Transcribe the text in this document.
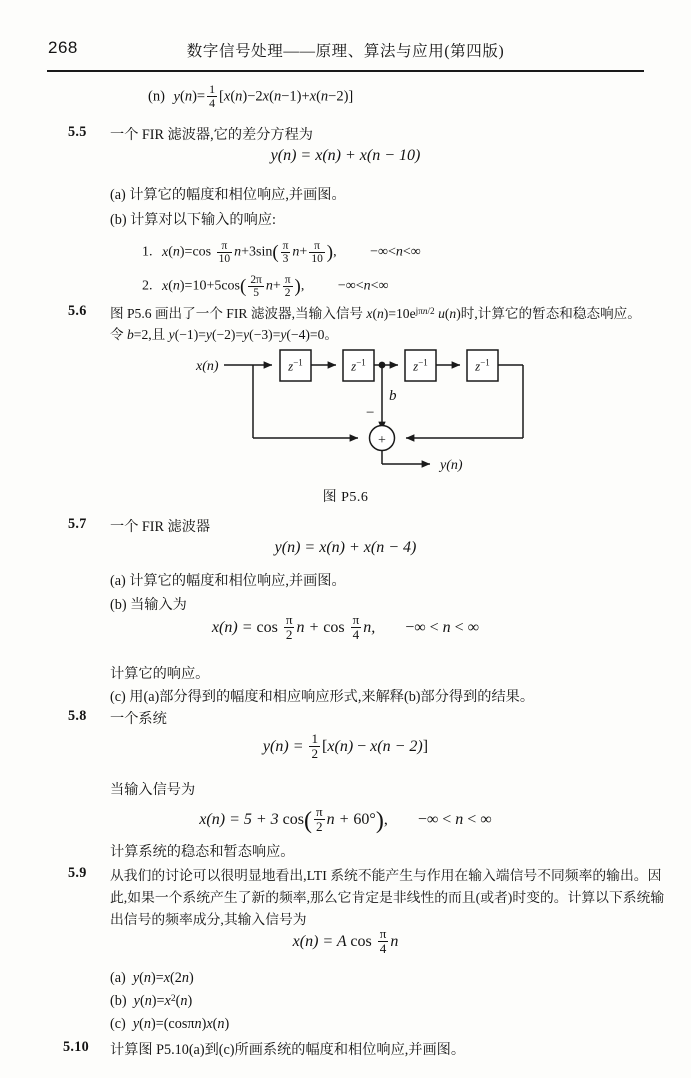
268	数字信号处理——原理、算法与应用(第四版)
(n) $y(n)= \frac{1}{4} [x(n)-2x(n-1)+x(n-2)]$
5.5 一个 FIR 滤波器,它的差分方程为
y(n) = x(n) + x(n − 10)
(a) 计算它的幅度和相位响应,并画图。
(b) 计算对以下输入的响应:
1. $x(n)=\cos \frac{\pi}{10} n+3\sin( \frac{\pi}{3} n+ \frac{\pi}{10}$ ), −∞<n<∞
2. $x(n)=10+5\cos( \frac{2\pi}{5} n+ \frac{\pi}{2}$ ), −∞<n<∞
5.6 图 P5.6 画出了一个 FIR 滤波器,当输入信号 $x(n)=10e^{j\pi n/2}$ u(n)时,计算它的暂态和稳态响应。
令 b=2,且 y(−1)=y(−2)=y(−3)=y(−4)=0。
x(n)
y(n)
b
−
+
$z^{-1}$	$z^{-1}$	$z^{-1}$	$z^{-1}$
图 P5.6
5.7 一个 FIR 滤波器
y(n) = x(n) + x(n − 4)
(a) 计算它的幅度和相位响应,并画图。
(b) 当输入为
$x(n) = \cos \frac{\pi}{2}$ $n + \cos \frac{\pi}{4} n$, −∞ < n < ∞
计算它的响应。
(c) 用(a)部分得到的幅度和相应响应形式,来解释(b)部分得到的结果。
5.8 一个系统
$y(n) = \frac{1}{2} [x(n) - x(n - 2)]$
当输入信号为
x(n) = 5 + 3 $\cos( \frac{\pi}{2}$ n + 60°), −∞ < n < ∞
计算系统的稳态和暂态响应。
5.9 从我们的讨论可以很明显地看出,LTI 系统不能产生与作用在输入端信号不同频率的输出。因
此,如果一个系统产生了新的频率,那么它肯定是非线性的而且(或者)时变的。计算以下系统输
出信号的频率成分,其输入信号为
x(n) = A $\cos \frac{\pi}{4}$ n
(a) y(n)=x(2n)
(b) $y(n)=x^2(n)$
(c) y(n)=(cosπn)x(n)
5.10 计算图 P5.10(a)到(c)所画系统的幅度和相位响应,并画图。
